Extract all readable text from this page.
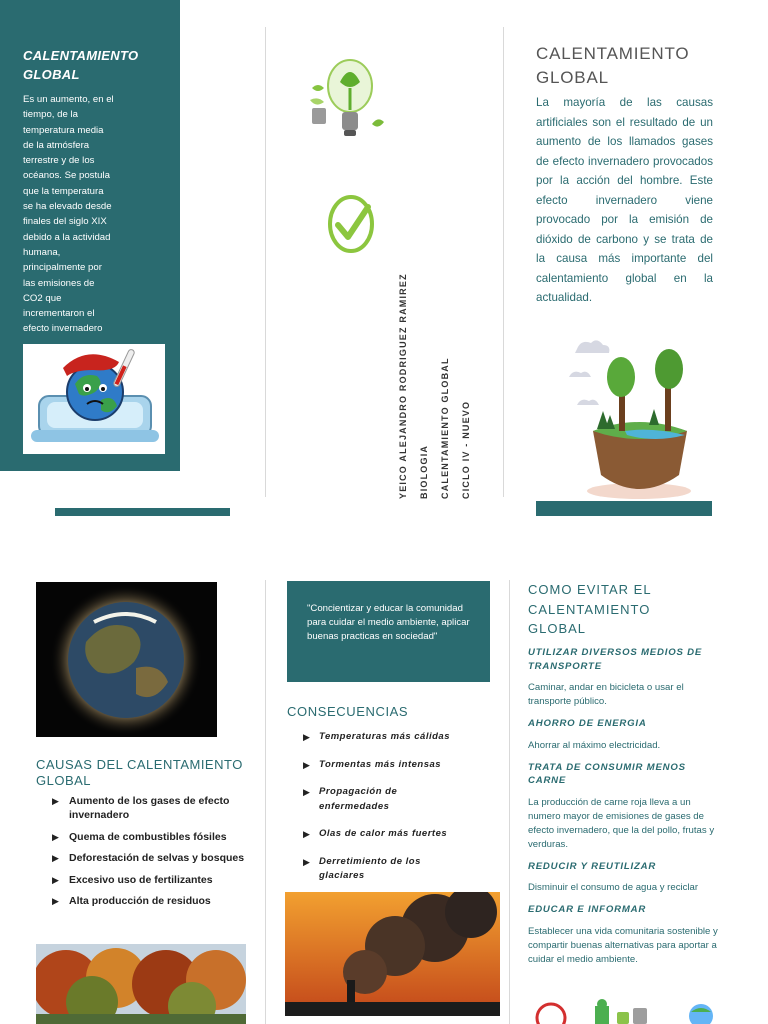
CALENTAMIENTO GLOBAL
Es un aumento, en el
tiempo, de la
temperatura media
de la atmósfera
terrestre y de los
océanos. Se postula
que la temperatura
se ha elevado desde
finales del siglo XIX
debido a la actividad
humana,
principalmente por
las emisiones de
CO2 que
incrementaron el
efecto invernadero	YEICO ALEJANDRO RODRIGUEZ RAMIREZ BIOLOGIA CALENTAMIENTO GLOBAL CICLO IV - NUEVO
CALENTAMIENTO GLOBAL
La mayoría de las causas artificiales son el resultado de un aumento de los llamados gases de efecto invernadero provocados por la acción del hombre. Este efecto invernadero viene provocado por la emisión de dióxido de carbono y se trata de la causa más importante del calentamiento global en la actualidad.
CAUSAS DEL CALENTAMIENTO GLOBAL
▶ Aumento de los gases de efecto invernadero
▶ Quema de combustibles fósiles
▶ Deforestación de selvas y bosques
▶ Excesivo uso de fertilizantes
▶ Alta producción de residuos
"Concientizar y educar la comunidad para cuidar el medio ambiente, aplicar buenas practicas en sociedad"
CONSECUENCIAS
▶ Temperaturas más cálidas
▶ Tormentas más intensas
▶ Propagación de enfermedades
▶ Olas de calor más fuertes
▶ Derretimiento de los glaciares
COMO EVITAR EL CALENTAMIENTO GLOBAL
UTILIZAR DIVERSOS MEDIOS DE TRANSPORTE
Caminar, andar en bicicleta o usar el transporte público.
AHORRO DE ENERGIA
Ahorrar al máximo electricidad.
TRATA DE CONSUMIR MENOS CARNE
La producción de carne roja lleva a un numero mayor de emisiones de gases de efecto invernadero, que la del pollo, frutas y verduras.
REDUCIR Y REUTILIZAR
Disminuir el consumo de agua y reciclar
EDUCAR E INFORMAR
Establecer una vida comunitaria sostenible y compartir buenas alternativas para aportar a cuidar el medio ambiente.
